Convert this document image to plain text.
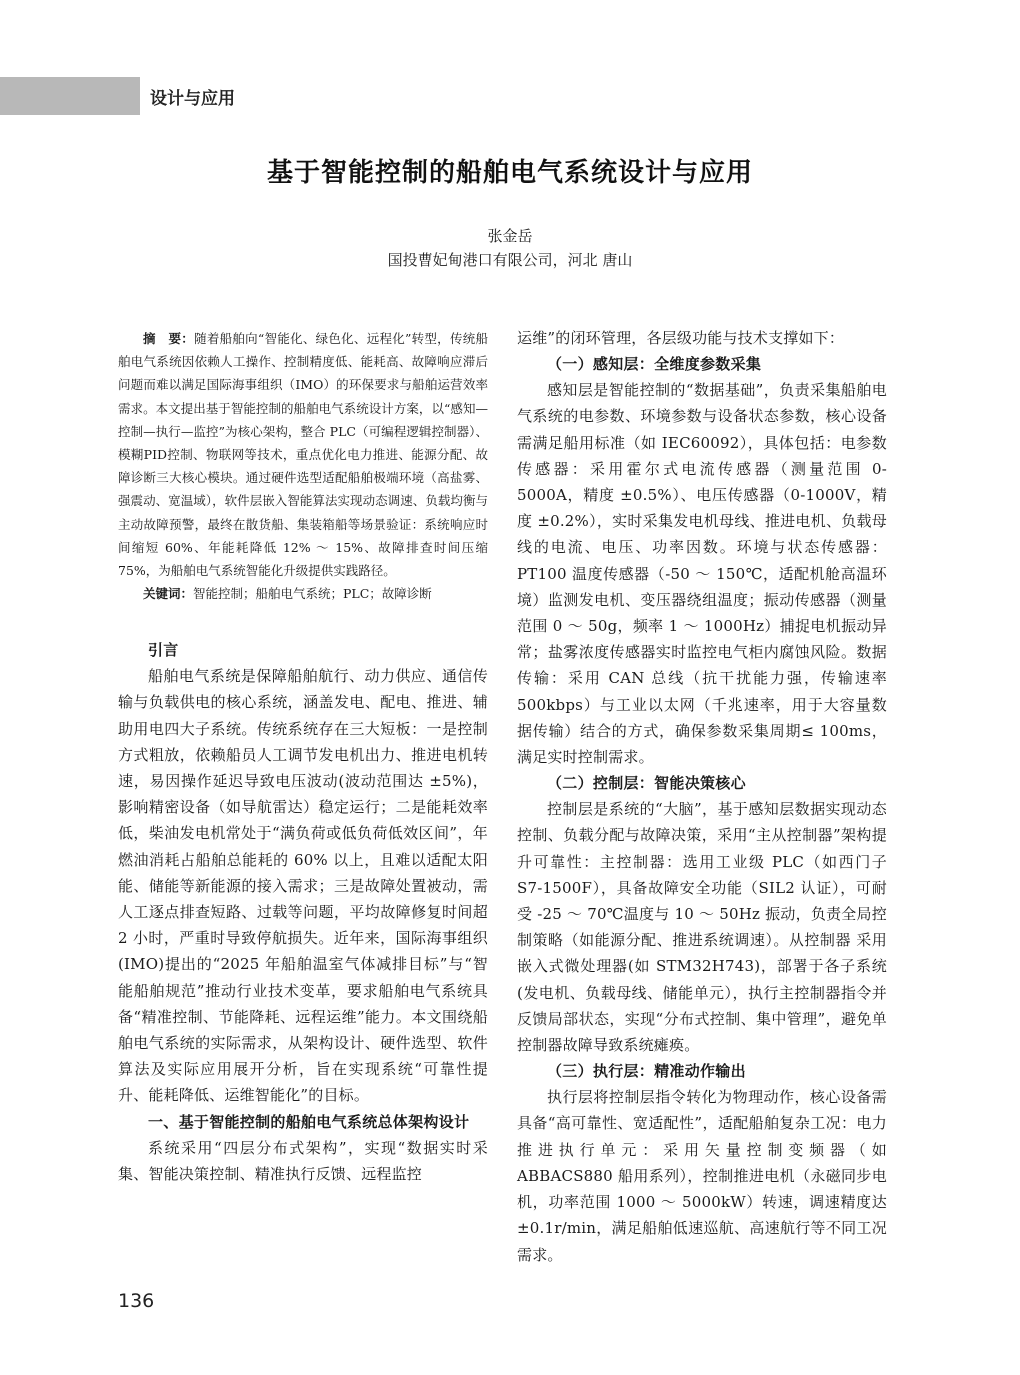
设计与应用
基于智能控制的船舶电气系统设计与应用
张金岳
国投曹妃甸港口有限公司，河北 唐山

摘　要：随着船舶向“智能化、绿色化、远程化”转型，传统船舶电气系统因依赖人工操作、控制精度低、能耗高、故障响应滞后问题而难以满足国际海事组织（IMO）的环保要求与船舶运营效率需求。本文提出基于智能控制的船舶电气系统设计方案，以“感知—控制—执行—监控”为核心架构，整合 PLC（可编程逻辑控制器）、模糊PID控制、物联网等技术，重点优化电力推进、能源分配、故障诊断三大核心模块。通过硬件选型适配船舶极端环境（高盐雾、强震动、宽温域），软件层嵌入智能算法实现动态调速、负载均衡与主动故障预警，最终在散货船、集装箱船等场景验证：系统响应时间缩短 60%、年能耗降低 12% ～ 15%、故障排查时间压缩 75%，为船舶电气系统智能化升级提供实践路径。

关键词：智能控制；船舶电气系统；PLC；故障诊断

引言

船舶电气系统是保障船舶航行、动力供应、通信传输与负载供电的核心系统，涵盖发电、配电、推进、辅助用电四大子系统。传统系统存在三大短板：一是控制方式粗放，依赖船员人工调节发电机出力、推进电机转速，易因操作延迟导致电压波动(波动范围达 ±5%)，影响精密设备（如导航雷达）稳定运行；二是能耗效率低，柴油发电机常处于“满负荷或低负荷低效区间”，年燃油消耗占船舶总能耗的 60% 以上，且难以适配太阳能、储能等新能源的接入需求；三是故障处置被动，需人工逐点排查短路、过载等问题，平均故障修复时间超 2 小时，严重时导致停航损失。近年来，国际海事组织(IMO)提出的“2025 年船舶温室气体减排目标”与“智能船舶规范”推动行业技术变革，要求船舶电气系统具备“精准控制、节能降耗、远程运维”能力。本文围绕船舶电气系统的实际需求，从架构设计、硬件选型、软件算法及实际应用展开分析，旨在实现系统“可靠性提升、能耗降低、运维智能化”的目标。

一、基于智能控制的船舶电气系统总体架构设计

系统采用“四层分布式架构”，实现“数据实时采集、智能决策控制、精准执行反馈、远程监控

运维”的闭环管理，各层级功能与技术支撑如下：

（一）感知层：全维度参数采集

感知层是智能控制的“数据基础”，负责采集船舶电气系统的电参数、环境参数与设备状态参数，核心设备需满足船用标准（如 IEC60092），具体包括：电参数传感器：采用霍尔式电流传感器（测量范围 0-5000A，精度 ±0.5%）、电压传感器（0-1000V，精度 ±0.2%），实时采集发电机母线、推进电机、负载母线的电流、电压、功率因数。环境与状态传感器：PT100 温度传感器（-50 ～ 150℃，适配机舱高温环境）监测发电机、变压器绕组温度；振动传感器（测量范围 0 ～ 50g，频率 1 ～ 1000Hz）捕捉电机振动异常；盐雾浓度传感器实时监控电气柜内腐蚀风险。数据传输：采用 CAN 总线（抗干扰能力强，传输速率 500kbps）与工业以太网（千兆速率，用于大容量数据传输）结合的方式，确保参数采集周期≤ 100ms，满足实时控制需求。

（二）控制层：智能决策核心

控制层是系统的“大脑”，基于感知层数据实现动态控制、负载分配与故障决策，采用“主从控制器”架构提升可靠性：主控制器：选用工业级 PLC（如西门子 S7-1500F），具备故障安全功能（SIL2 认证），可耐受 -25 ～ 70℃温度与 10 ～ 50Hz 振动，负责全局控制策略（如能源分配、推进系统调速）。从控制器 采用嵌入式微处理器(如 STM32H743)，部署于各子系统(发电机、负载母线、储能单元），执行主控制器指令并反馈局部状态，实现“分布式控制、集中管理”，避免单控制器故障导致系统瘫痪。

（三）执行层：精准动作输出

执行层将控制层指令转化为物理动作，核心设备需具备“高可靠性、宽适配性”，适配船舶复杂工况：电力推进执行单元：采用矢量控制变频器（如 ABBACS880 船用系列），控制推进电机（永磁同步电机，功率范围 1000 ～ 5000kW）转速，调速精度达 ±0.1r/min，满足船舶低速巡航、高速航行等不同工况需求。

136
